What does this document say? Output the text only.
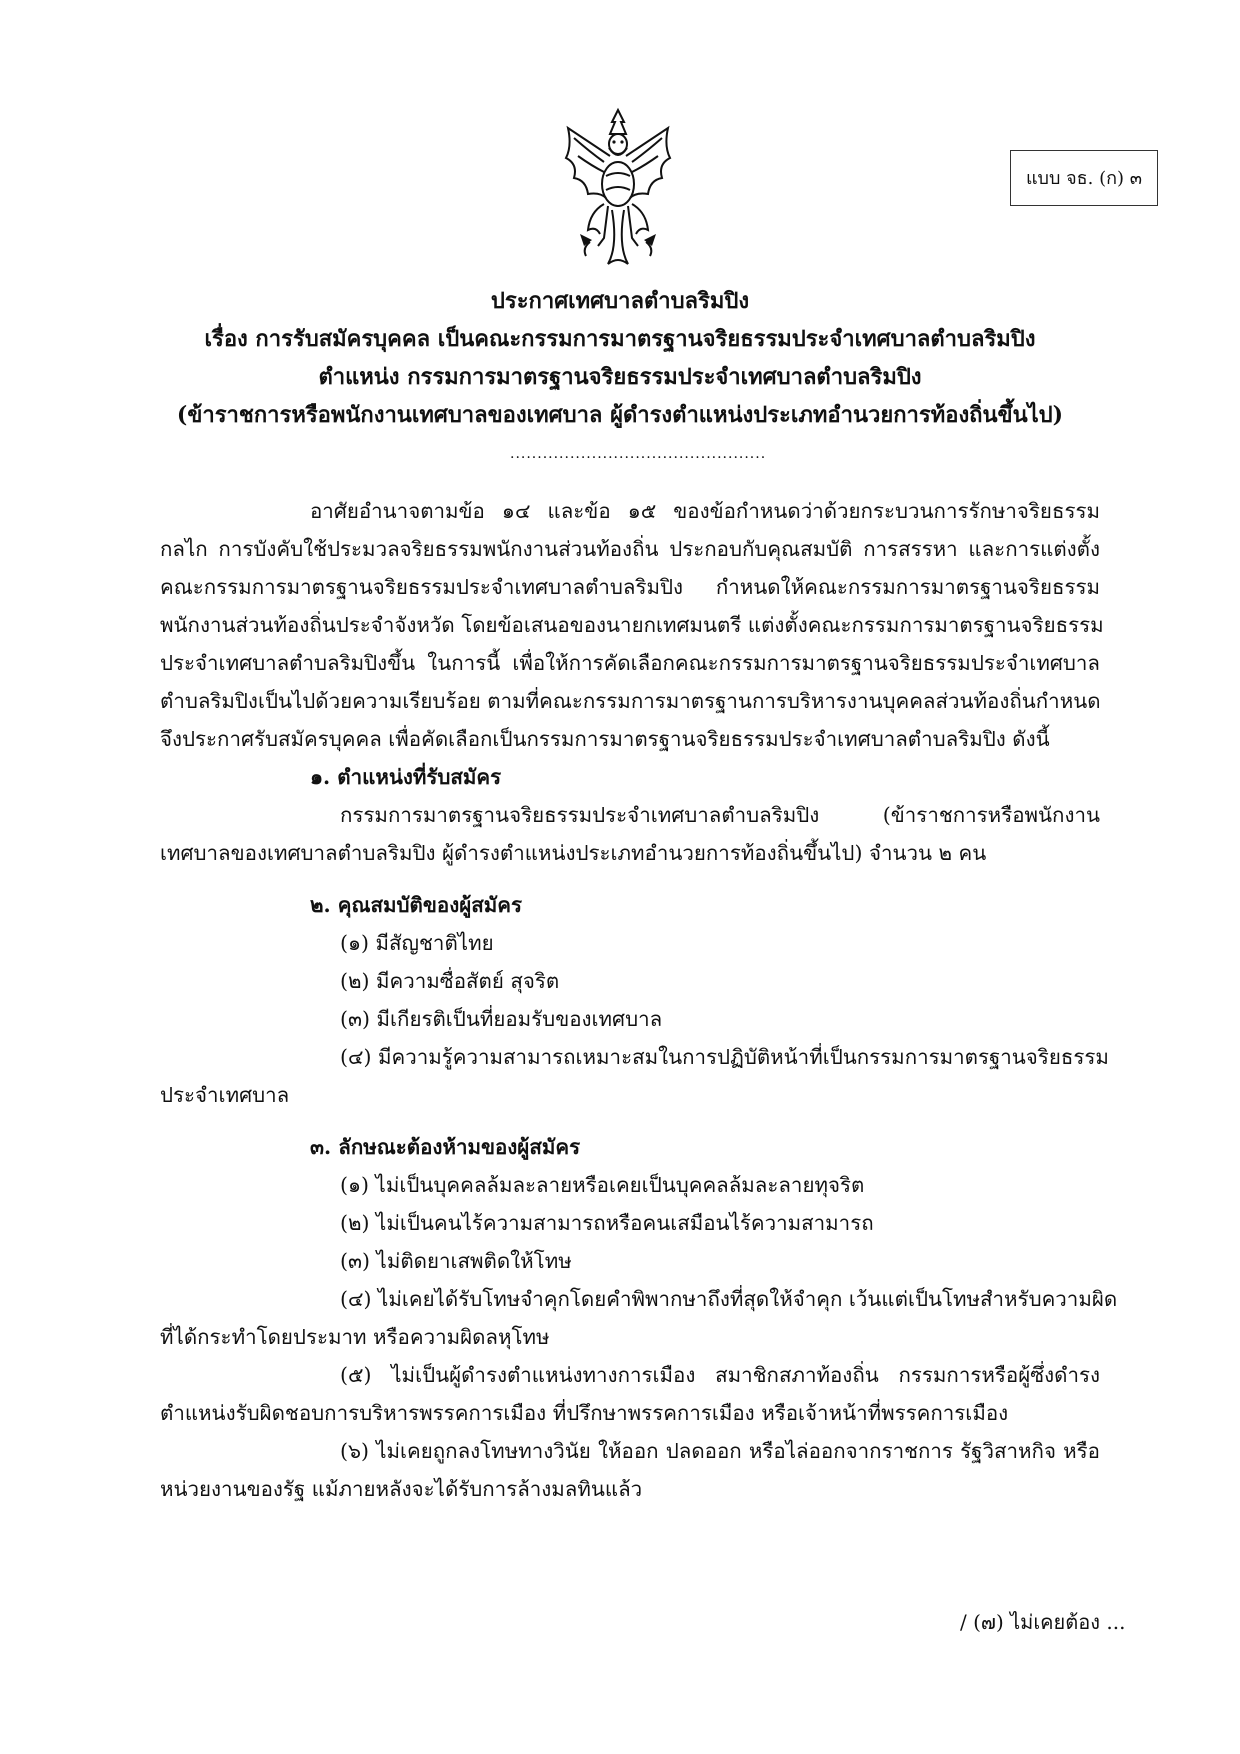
แบบ จธ. (ก) ๓
ประกาศเทศบาลตำบลริมปิง
เรื่อง การรับสมัครบุคคล เป็นคณะกรรมการมาตรฐานจริยธรรมประจำเทศบาลตำบลริมปิง
ตำแหน่ง กรรมการมาตรฐานจริยธรรมประจำเทศบาลตำบลริมปิง
(ข้าราชการหรือพนักงานเทศบาลของเทศบาล ผู้ดำรงตำแหน่งประเภทอำนวยการท้องถิ่นขึ้นไป)
...............................................
อาศัยอำนาจตามข้อ ๑๔ และข้อ ๑๕ ของข้อกำหนดว่าด้วยกระบวนการรักษาจริยธรรม
กลไก การบังคับใช้ประมวลจริยธรรมพนักงานส่วนท้องถิ่น ประกอบกับคุณสมบัติ การสรรหา และการแต่งตั้ง
คณะกรรมการมาตรฐานจริยธรรมประจำเทศบาลตำบลริมปิง กำหนดให้คณะกรรมการมาตรฐานจริยธรรม
พนักงานส่วนท้องถิ่นประจำจังหวัด โดยข้อเสนอของนายกเทศมนตรี แต่งตั้งคณะกรรมการมาตรฐานจริยธรรม
ประจำเทศบาลตำบลริมปิงขึ้น ในการนี้ เพื่อให้การคัดเลือกคณะกรรมการมาตรฐานจริยธรรมประจำเทศบาล
ตำบลริมปิงเป็นไปด้วยความเรียบร้อย ตามที่คณะกรรมการมาตรฐานการบริหารงานบุคคลส่วนท้องถิ่นกำหนด
จึงประกาศรับสมัครบุคคล เพื่อคัดเลือกเป็นกรรมการมาตรฐานจริยธรรมประจำเทศบาลตำบลริมปิง ดังนี้
๑. ตำแหน่งที่รับสมัคร
กรรมการมาตรฐานจริยธรรมประจำเทศบาลตำบลริมปิง (ข้าราชการหรือพนักงาน
เทศบาลของเทศบาลตำบลริมปิง ผู้ดำรงตำแหน่งประเภทอำนวยการท้องถิ่นขึ้นไป) จำนวน ๒ คน
๒. คุณสมบัติของผู้สมัคร
(๑) มีสัญชาติไทย
(๒) มีความซื่อสัตย์ สุจริต
(๓) มีเกียรติเป็นที่ยอมรับของเทศบาล
(๔) มีความรู้ความสามารถเหมาะสมในการปฏิบัติหน้าที่เป็นกรรมการมาตรฐานจริยธรรม
ประจำเทศบาล
๓. ลักษณะต้องห้ามของผู้สมัคร
(๑) ไม่เป็นบุคคลล้มละลายหรือเคยเป็นบุคคลล้มละลายทุจริต
(๒) ไม่เป็นคนไร้ความสามารถหรือคนเสมือนไร้ความสามารถ
(๓) ไม่ติดยาเสพติดให้โทษ
(๔) ไม่เคยได้รับโทษจำคุกโดยคำพิพากษาถึงที่สุดให้จำคุก เว้นแต่เป็นโทษสำหรับความผิด
ที่ได้กระทำโดยประมาท หรือความผิดลหุโทษ
(๕) ไม่เป็นผู้ดำรงตำแหน่งทางการเมือง สมาชิกสภาท้องถิ่น กรรมการหรือผู้ซึ่งดำรง
ตำแหน่งรับผิดชอบการบริหารพรรคการเมือง ที่ปรึกษาพรรคการเมือง หรือเจ้าหน้าที่พรรคการเมือง
(๖) ไม่เคยถูกลงโทษทางวินัย ให้ออก ปลดออก หรือไล่ออกจากราชการ รัฐวิสาหกิจ หรือ
หน่วยงานของรัฐ แม้ภายหลังจะได้รับการล้างมลทินแล้ว
/ (๗) ไม่เคยต้อง ...
